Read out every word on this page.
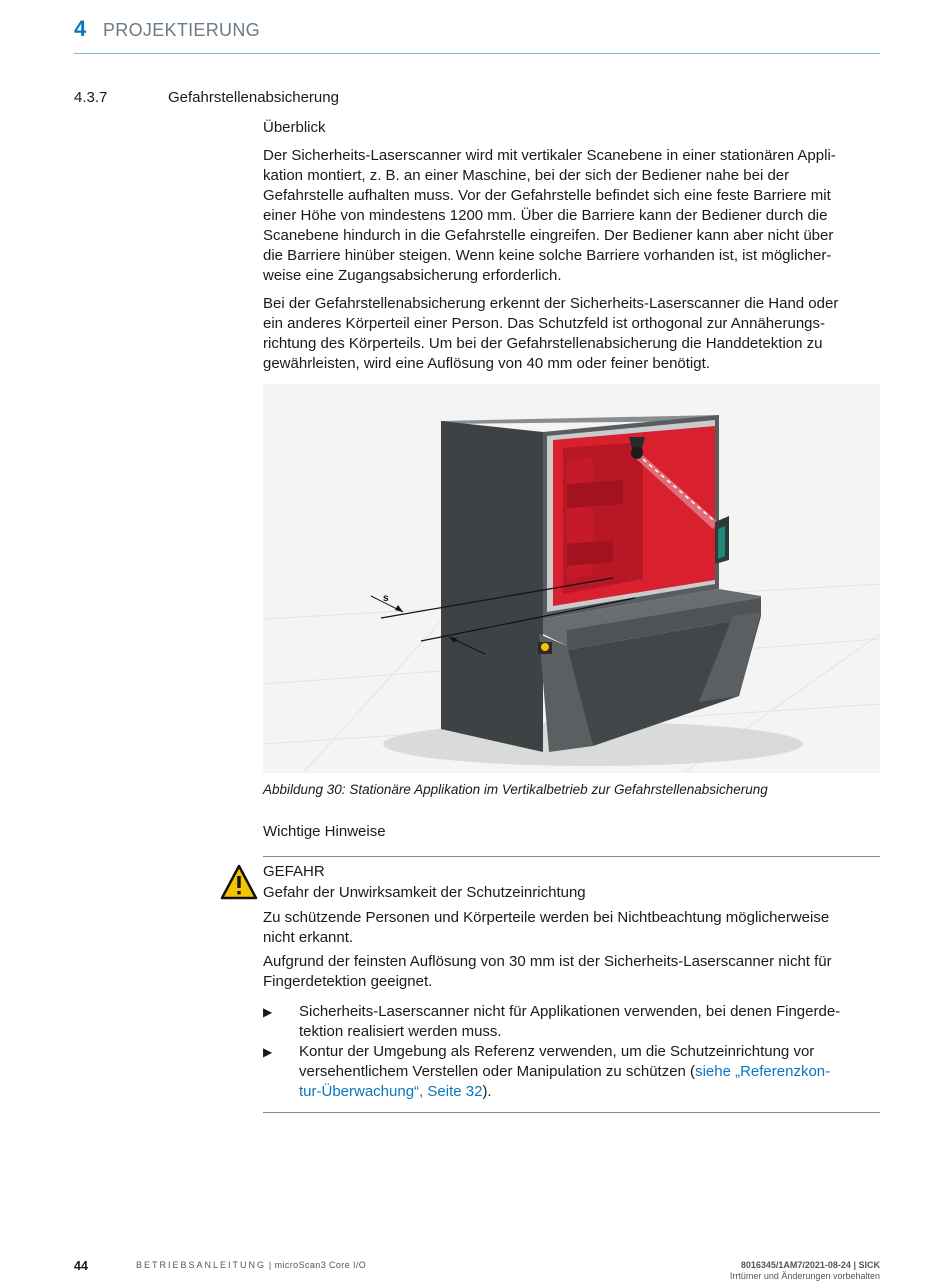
4 PROJEKTIERUNG
4.3.7	Gefahrstellenabsicherung
Überblick
Der Sicherheits-Laserscanner wird mit vertikaler Scanebene in einer stationären Appli-
kation montiert, z. B. an einer Maschine, bei der sich der Bediener nahe bei der
Gefahrstelle aufhalten muss. Vor der Gefahrstelle befindet sich eine feste Barriere mit
einer Höhe von mindestens 1200 mm. Über die Barriere kann der Bediener durch die
Scanebene hindurch in die Gefahrstelle eingreifen. Der Bediener kann aber nicht über
die Barriere hinüber steigen. Wenn keine solche Barriere vorhanden ist, ist möglicher-
weise eine Zugangsabsicherung erforderlich.
Bei der Gefahrstellenabsicherung erkennt der Sicherheits-Laserscanner die Hand oder
ein anderes Körperteil einer Person. Das Schutzfeld ist orthogonal zur Annäherungs-
richtung des Körperteils. Um bei der Gefahrstellenabsicherung die Handdetektion zu
gewährleisten, wird eine Auflösung von 40 mm oder feiner benötigt.
s
Abbildung 30: Stationäre Applikation im Vertikalbetrieb zur Gefahrstellenabsicherung
Wichtige Hinweise
GEFAHR
Gefahr der Unwirksamkeit der Schutzeinrichtung
Zu schützende Personen und Körperteile werden bei Nichtbeachtung möglicherweise
nicht erkannt.
Aufgrund der feinsten Auflösung von 30 mm ist der Sicherheits-Laserscanner nicht für
Fingerdetektion geeignet.
▶ Sicherheits-Laserscanner nicht für Applikationen verwenden, bei denen Fingerde-
tektion realisiert werden muss.
▶ Kontur der Umgebung als Referenz verwenden, um die Schutzeinrichtung vor
versehentlichem Verstellen oder Manipulation zu schützen (siehe „Referenzkon-
tur-Überwachung“, Seite 32).
44	BETRIEBSANLEITUNG | microScan3 Core I/O	8016345/1AM7/2021-08-24 | SICK
Irrtümer und Änderungen vorbehalten
